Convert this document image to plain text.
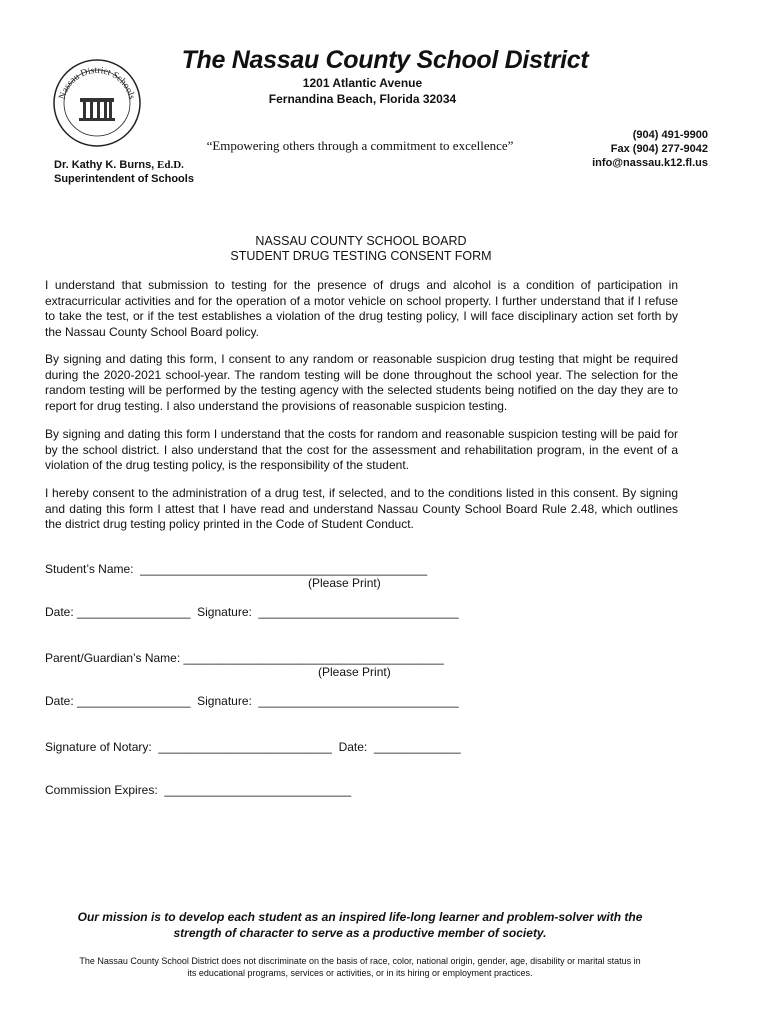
Nassau District Schools
The Nassau County School District
1201 Atlantic Avenue
Fernandina Beach, Florida 32034
“Empowering others through a commitment to excellence”
(904) 491-9900
Fax (904) 277-9042
info@nassau.k12.fl.us
Dr. Kathy K. Burns, Ed.D.
Superintendent of Schools
NASSAU COUNTY SCHOOL BOARD
STUDENT DRUG TESTING CONSENT FORM
I understand that submission to testing for the presence of drugs and alcohol is a condition of participation in extracurricular activities and for the operation of a motor vehicle on school property. I further understand that if I refuse to take the test, or if the test establishes a violation of the drug testing policy, I will face disciplinary action set forth by the Nassau County School Board policy.
By signing and dating this form, I consent to any random or reasonable suspicion drug testing that might be required during the 2020-2021 school-year. The random testing will be done throughout the school year. The selection for the random testing will be performed by the testing agency with the selected students being notified on the day they are to report for drug testing. I also understand the provisions of reasonable suspicion testing.
By signing and dating this form I understand that the costs for random and reasonable suspicion testing will be paid for by the school district. I also understand that the cost for the assessment and rehabilitation program, in the event of a violation of the drug testing policy, is the responsibility of the student.
I hereby consent to the administration of a drug test, if selected, and to the conditions listed in this consent. By signing and dating this form I attest that I have read and understand Nassau County School Board Rule 2.48, which outlines the district drug testing policy printed in the Code of Student Conduct.
Student’s Name:  ___________________________________________
(Please Print)
Date: _________________  Signature:  ______________________________
Parent/Guardian’s Name: _______________________________________
(Please Print)
Date: _________________  Signature:  ______________________________
Signature of Notary:  __________________________  Date:  _____________
Commission Expires:  ____________________________
Our mission is to develop each student as an inspired life-long learner and problem-solver with the
strength of character to serve as a productive member of society.
The Nassau County School District does not discriminate on the basis of race, color, national origin, gender, age, disability or marital status in
its educational programs, services or activities, or in its hiring or employment practices.
